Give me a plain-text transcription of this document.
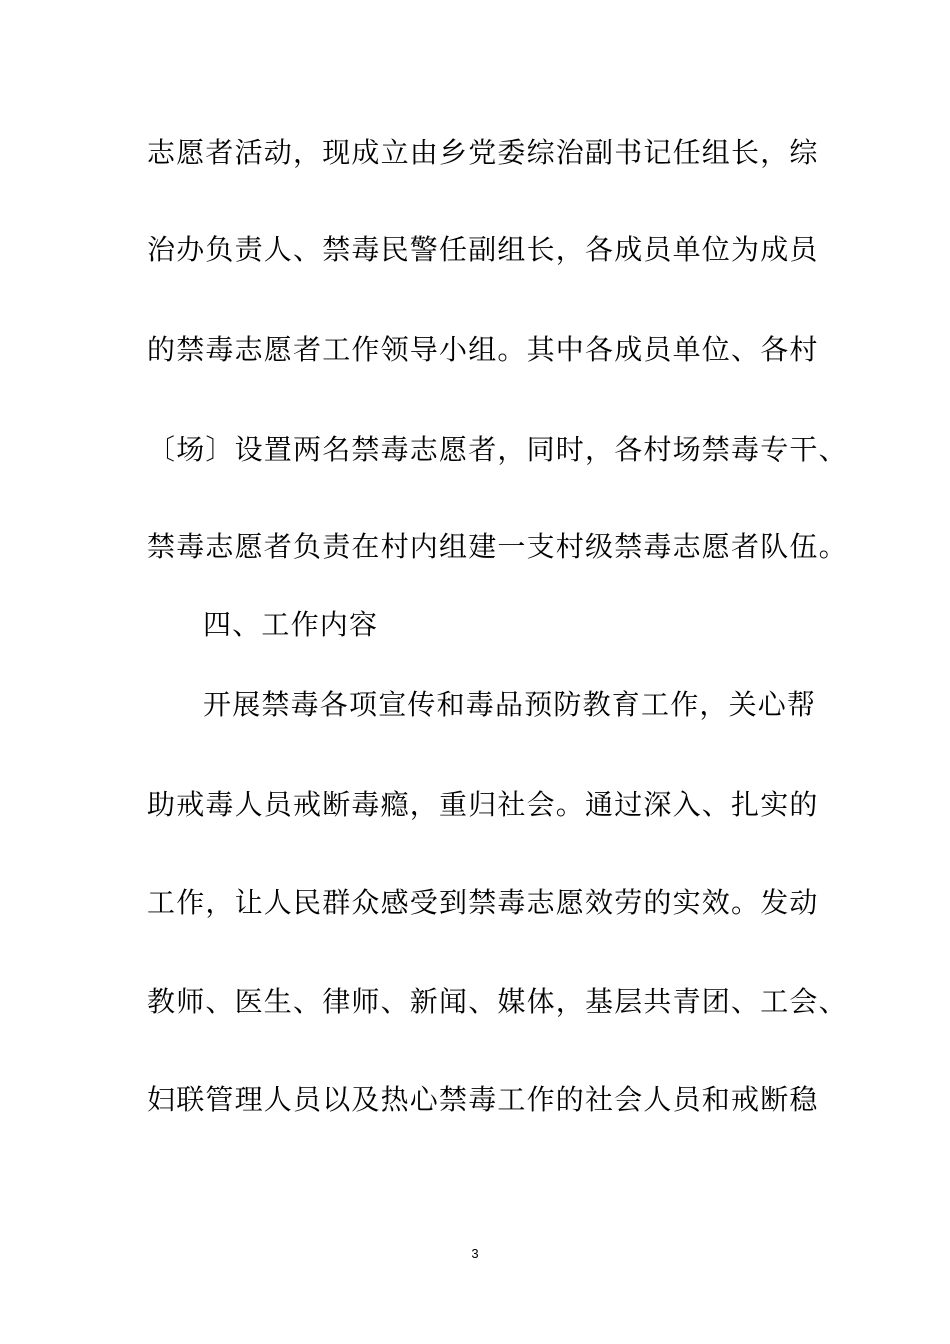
志愿者活动，现成立由乡党委综治副书记任组长，综
治办负责人、禁毒民警任副组长，各成员单位为成员
的禁毒志愿者工作领导小组。其中各成员单位、各村
〔场〕设置两名禁毒志愿者，同时，各村场禁毒专干、
禁毒志愿者负责在村内组建一支村级禁毒志愿者队伍。
四、工作内容
开展禁毒各项宣传和毒品预防教育工作，关心帮
助戒毒人员戒断毒瘾，重归社会。通过深入、扎实的
工作，让人民群众感受到禁毒志愿效劳的实效。发动
教师、医生、律师、新闻、媒体，基层共青团、工会、
妇联管理人员以及热心禁毒工作的社会人员和戒断稳
3
